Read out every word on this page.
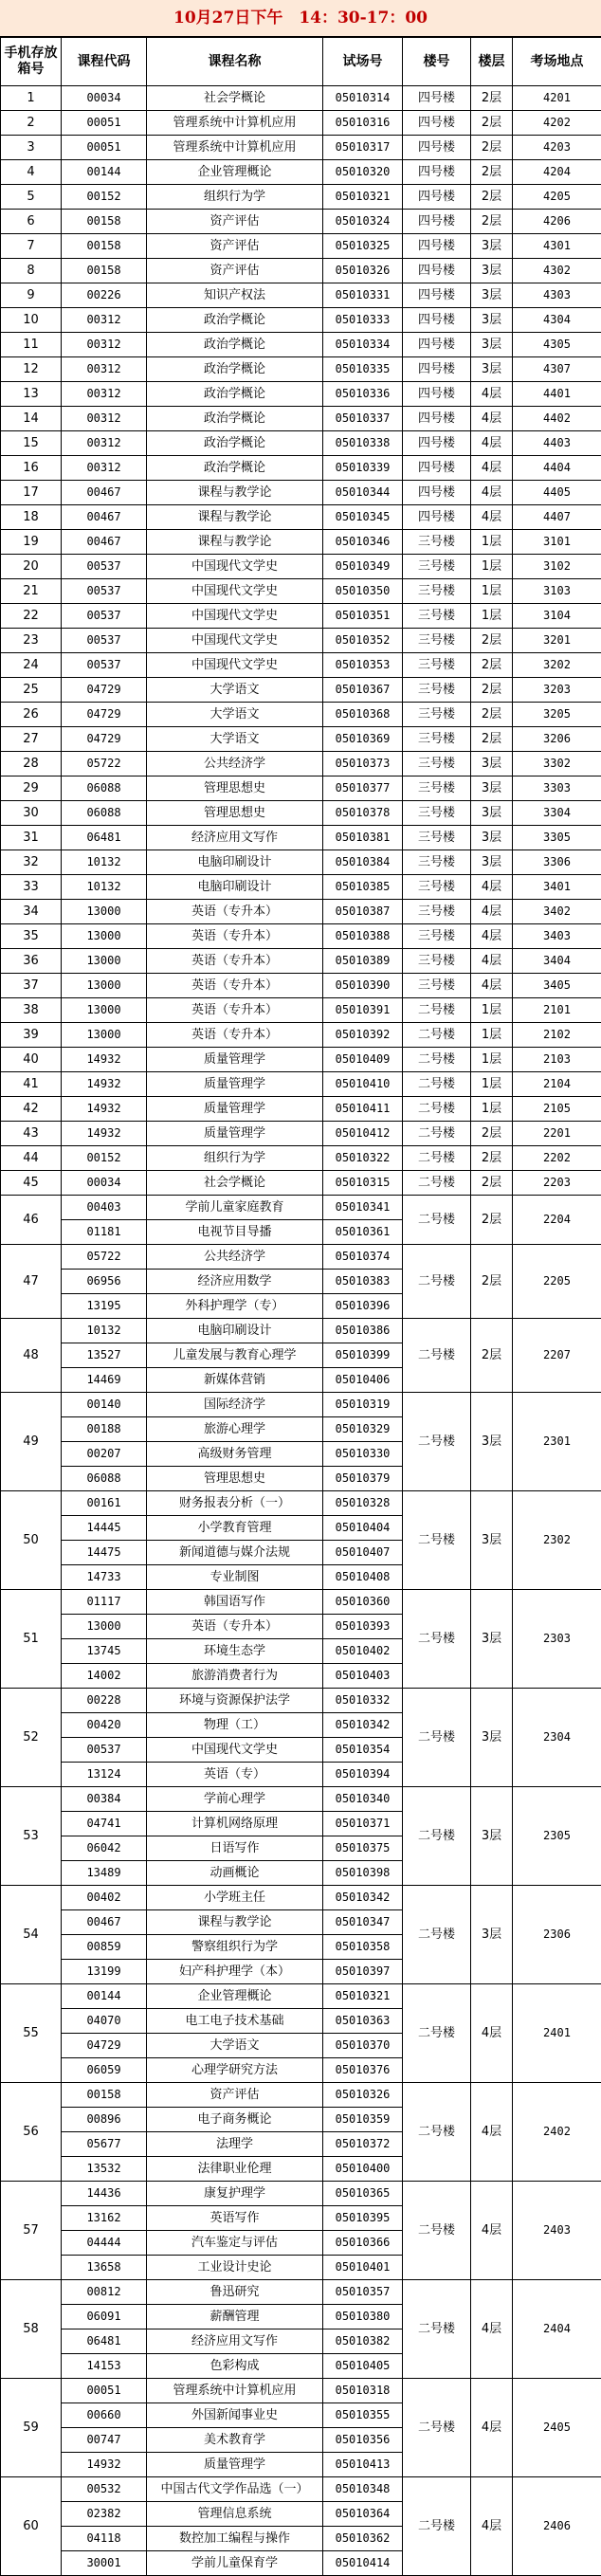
10月27日下午　14：30-17：00
手机存放箱号	课程代码	课程名称	试场号	楼号	楼层	考场地点
1	00034	社会学概论	05010314	四号楼	2层	4201
2	00051	管理系统中计算机应用	05010316	四号楼	2层	4202
3	00051	管理系统中计算机应用	05010317	四号楼	2层	4203
4	00144	企业管理概论	05010320	四号楼	2层	4204
5	00152	组织行为学	05010321	四号楼	2层	4205
6	00158	资产评估	05010324	四号楼	2层	4206
7	00158	资产评估	05010325	四号楼	3层	4301
8	00158	资产评估	05010326	四号楼	3层	4302
9	00226	知识产权法	05010331	四号楼	3层	4303
10	00312	政治学概论	05010333	四号楼	3层	4304
11	00312	政治学概论	05010334	四号楼	3层	4305
12	00312	政治学概论	05010335	四号楼	3层	4307
13	00312	政治学概论	05010336	四号楼	4层	4401
14	00312	政治学概论	05010337	四号楼	4层	4402
15	00312	政治学概论	05010338	四号楼	4层	4403
16	00312	政治学概论	05010339	四号楼	4层	4404
17	00467	课程与教学论	05010344	四号楼	4层	4405
18	00467	课程与教学论	05010345	四号楼	4层	4407
19	00467	课程与教学论	05010346	三号楼	1层	3101
20	00537	中国现代文学史	05010349	三号楼	1层	3102
21	00537	中国现代文学史	05010350	三号楼	1层	3103
22	00537	中国现代文学史	05010351	三号楼	1层	3104
23	00537	中国现代文学史	05010352	三号楼	2层	3201
24	00537	中国现代文学史	05010353	三号楼	2层	3202
25	04729	大学语文	05010367	三号楼	2层	3203
26	04729	大学语文	05010368	三号楼	2层	3205
27	04729	大学语文	05010369	三号楼	2层	3206
28	05722	公共经济学	05010373	三号楼	3层	3302
29	06088	管理思想史	05010377	三号楼	3层	3303
30	06088	管理思想史	05010378	三号楼	3层	3304
31	06481	经济应用文写作	05010381	三号楼	3层	3305
32	10132	电脑印刷设计	05010384	三号楼	3层	3306
33	10132	电脑印刷设计	05010385	三号楼	4层	3401
34	13000	英语（专升本）	05010387	三号楼	4层	3402
35	13000	英语（专升本）	05010388	三号楼	4层	3403
36	13000	英语（专升本）	05010389	三号楼	4层	3404
37	13000	英语（专升本）	05010390	三号楼	4层	3405
38	13000	英语（专升本）	05010391	二号楼	1层	2101
39	13000	英语（专升本）	05010392	二号楼	1层	2102
40	14932	质量管理学	05010409	二号楼	1层	2103
41	14932	质量管理学	05010410	二号楼	1层	2104
42	14932	质量管理学	05010411	二号楼	1层	2105
43	14932	质量管理学	05010412	二号楼	2层	2201
44	00152	组织行为学	05010322	二号楼	2层	2202
45	00034	社会学概论	05010315	二号楼	2层	2203
46	00403	学前儿童家庭教育	05010341	二号楼	2层	2204
	01181	电视节目导播	05010361			
47	05722	公共经济学	05010374	二号楼	2层	2205
	06956	经济应用数学	05010383			
	13195	外科护理学（专）	05010396			
48	10132	电脑印刷设计	05010386	二号楼	2层	2207
	13527	儿童发展与教育心理学	05010399			
	14469	新媒体营销	05010406			
49	00140	国际经济学	05010319	二号楼	3层	2301
	00188	旅游心理学	05010329			
	00207	高级财务管理	05010330			
	06088	管理思想史	05010379			
50	00161	财务报表分析（一）	05010328	二号楼	3层	2302
	14445	小学教育管理	05010404			
	14475	新闻道德与媒介法规	05010407			
	14733	专业制图	05010408			
51	01117	韩国语写作	05010360	二号楼	3层	2303
	13000	英语（专升本）	05010393			
	13745	环境生态学	05010402			
	14002	旅游消费者行为	05010403			
52	00228	环境与资源保护法学	05010332	二号楼	3层	2304
	00420	物理（工）	05010342			
	00537	中国现代文学史	05010354			
	13124	英语（专）	05010394			
53	00384	学前心理学	05010340	二号楼	3层	2305
	04741	计算机网络原理	05010371			
	06042	日语写作	05010375			
	13489	动画概论	05010398			
54	00402	小学班主任	05010342	二号楼	3层	2306
	00467	课程与教学论	05010347			
	00859	警察组织行为学	05010358			
	13199	妇产科护理学（本）	05010397			
55	00144	企业管理概论	05010321	二号楼	4层	2401
	04070	电工电子技术基础	05010363			
	04729	大学语文	05010370			
	06059	心理学研究方法	05010376			
56	00158	资产评估	05010326	二号楼	4层	2402
	00896	电子商务概论	05010359			
	05677	法理学	05010372			
	13532	法律职业伦理	05010400			
57	14436	康复护理学	05010365	二号楼	4层	2403
	13162	英语写作	05010395			
	04444	汽车鉴定与评估	05010366			
	13658	工业设计史论	05010401			
58	00812	鲁迅研究	05010357	二号楼	4层	2404
	06091	薪酬管理	05010380			
	06481	经济应用文写作	05010382			
	14153	色彩构成	05010405			
59	00051	管理系统中计算机应用	05010318	二号楼	4层	2405
	00660	外国新闻事业史	05010355			
	00747	美术教育学	05010356			
	14932	质量管理学	05010413			
60	00532	中国古代文学作品选（一）	05010348	二号楼	4层	2406
	02382	管理信息系统	05010364			
	04118	数控加工编程与操作	05010362			
	30001	学前儿童保育学	05010414			
